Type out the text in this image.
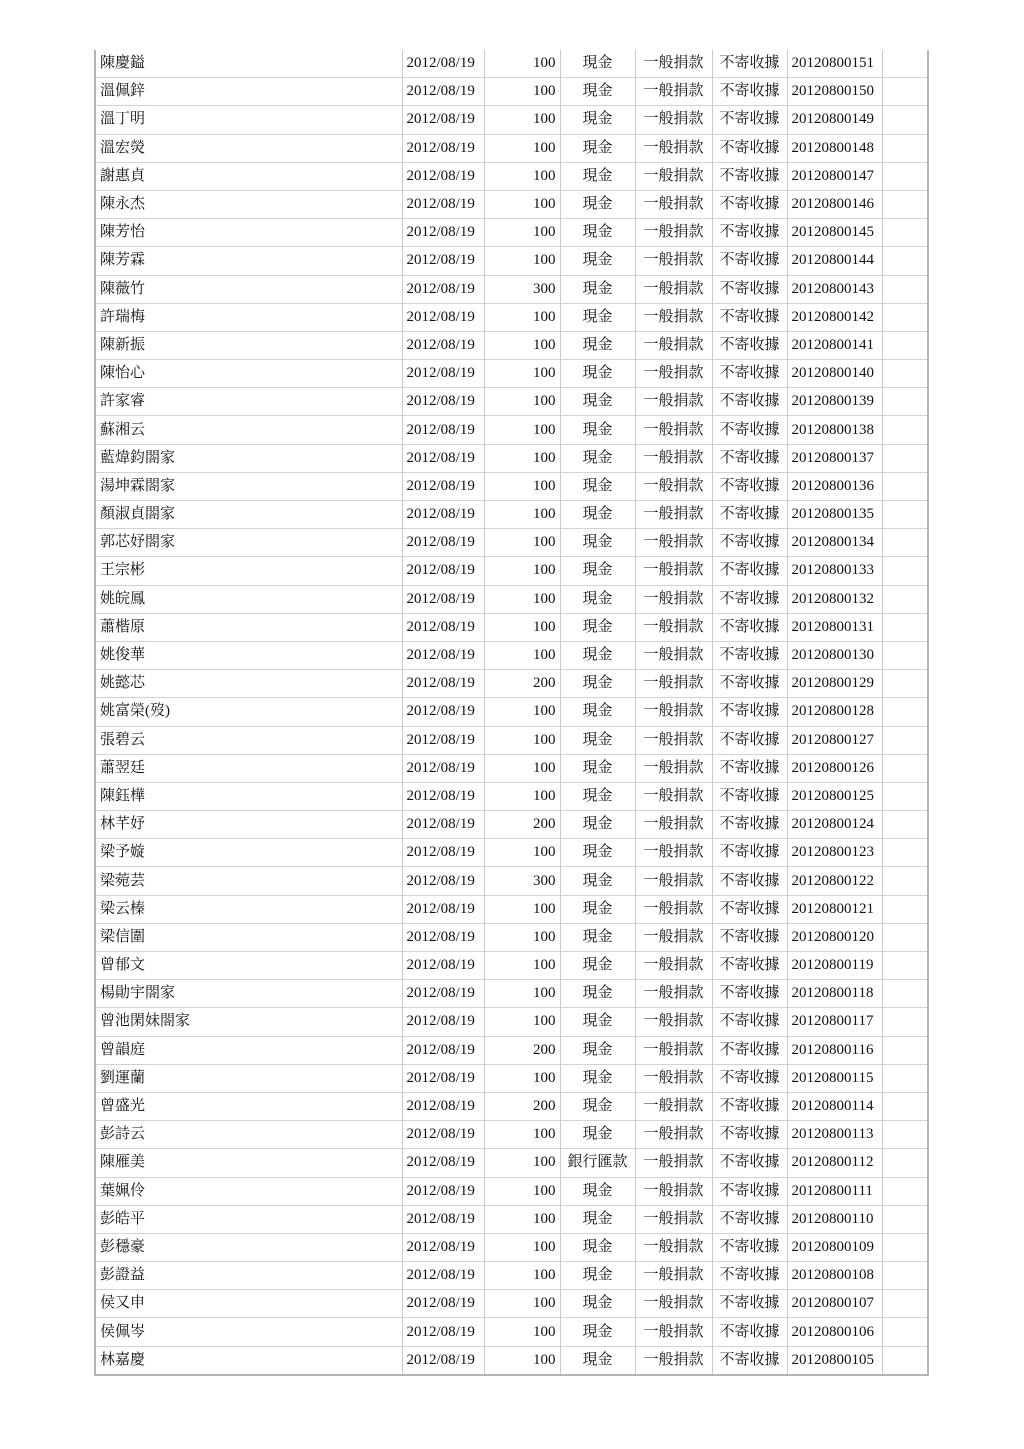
陳慶鎰	2012/08/19	100	現金	一般捐款	不寄收據	20120800151	
溫佩鋅	2012/08/19	100	現金	一般捐款	不寄收據	20120800150	
溫丁明	2012/08/19	100	現金	一般捐款	不寄收據	20120800149	
溫宏熒	2012/08/19	100	現金	一般捐款	不寄收據	20120800148	
謝惠貞	2012/08/19	100	現金	一般捐款	不寄收據	20120800147	
陳永杰	2012/08/19	100	現金	一般捐款	不寄收據	20120800146	
陳芳怡	2012/08/19	100	現金	一般捐款	不寄收據	20120800145	
陳芳霖	2012/08/19	100	現金	一般捐款	不寄收據	20120800144	
陳薇竹	2012/08/19	300	現金	一般捐款	不寄收據	20120800143	
許瑞梅	2012/08/19	100	現金	一般捐款	不寄收據	20120800142	
陳新振	2012/08/19	100	現金	一般捐款	不寄收據	20120800141	
陳怡心	2012/08/19	100	現金	一般捐款	不寄收據	20120800140	
許家睿	2012/08/19	100	現金	一般捐款	不寄收據	20120800139	
蘇湘云	2012/08/19	100	現金	一般捐款	不寄收據	20120800138	
藍煒鈞閤家	2012/08/19	100	現金	一般捐款	不寄收據	20120800137	
湯坤霖閤家	2012/08/19	100	現金	一般捐款	不寄收據	20120800136	
顏淑貞閤家	2012/08/19	100	現金	一般捐款	不寄收據	20120800135	
郭芯妤閤家	2012/08/19	100	現金	一般捐款	不寄收據	20120800134	
王宗彬	2012/08/19	100	現金	一般捐款	不寄收據	20120800133	
姚皖鳳	2012/08/19	100	現金	一般捐款	不寄收據	20120800132	
蕭楷原	2012/08/19	100	現金	一般捐款	不寄收據	20120800131	
姚俊華	2012/08/19	100	現金	一般捐款	不寄收據	20120800130	
姚懿芯	2012/08/19	200	現金	一般捐款	不寄收據	20120800129	
姚富榮(歿)	2012/08/19	100	現金	一般捐款	不寄收據	20120800128	
張碧云	2012/08/19	100	現金	一般捐款	不寄收據	20120800127	
蕭翌廷	2012/08/19	100	現金	一般捐款	不寄收據	20120800126	
陳鈺樺	2012/08/19	100	現金	一般捐款	不寄收據	20120800125	
林芊妤	2012/08/19	200	現金	一般捐款	不寄收據	20120800124	
梁予嫙	2012/08/19	100	現金	一般捐款	不寄收據	20120800123	
梁菀芸	2012/08/19	300	現金	一般捐款	不寄收據	20120800122	
梁云榛	2012/08/19	100	現金	一般捐款	不寄收據	20120800121	
梁信圍	2012/08/19	100	現金	一般捐款	不寄收據	20120800120	
曾郁文	2012/08/19	100	現金	一般捐款	不寄收據	20120800119	
楊勛宇閤家	2012/08/19	100	現金	一般捐款	不寄收據	20120800118	
曾池閑妹閤家	2012/08/19	100	現金	一般捐款	不寄收據	20120800117	
曾韻庭	2012/08/19	200	現金	一般捐款	不寄收據	20120800116	
劉運蘭	2012/08/19	100	現金	一般捐款	不寄收據	20120800115	
曾盛光	2012/08/19	200	現金	一般捐款	不寄收據	20120800114	
彭詩云	2012/08/19	100	現金	一般捐款	不寄收據	20120800113	
陳雁美	2012/08/19	100	銀行匯款	一般捐款	不寄收據	20120800112	
葉姵伶	2012/08/19	100	現金	一般捐款	不寄收據	20120800111	
彭皓平	2012/08/19	100	現金	一般捐款	不寄收據	20120800110	
彭穩豪	2012/08/19	100	現金	一般捐款	不寄收據	20120800109	
彭證益	2012/08/19	100	現金	一般捐款	不寄收據	20120800108	
侯又申	2012/08/19	100	現金	一般捐款	不寄收據	20120800107	
侯佩岑	2012/08/19	100	現金	一般捐款	不寄收據	20120800106	
林嘉慶	2012/08/19	100	現金	一般捐款	不寄收據	20120800105	
